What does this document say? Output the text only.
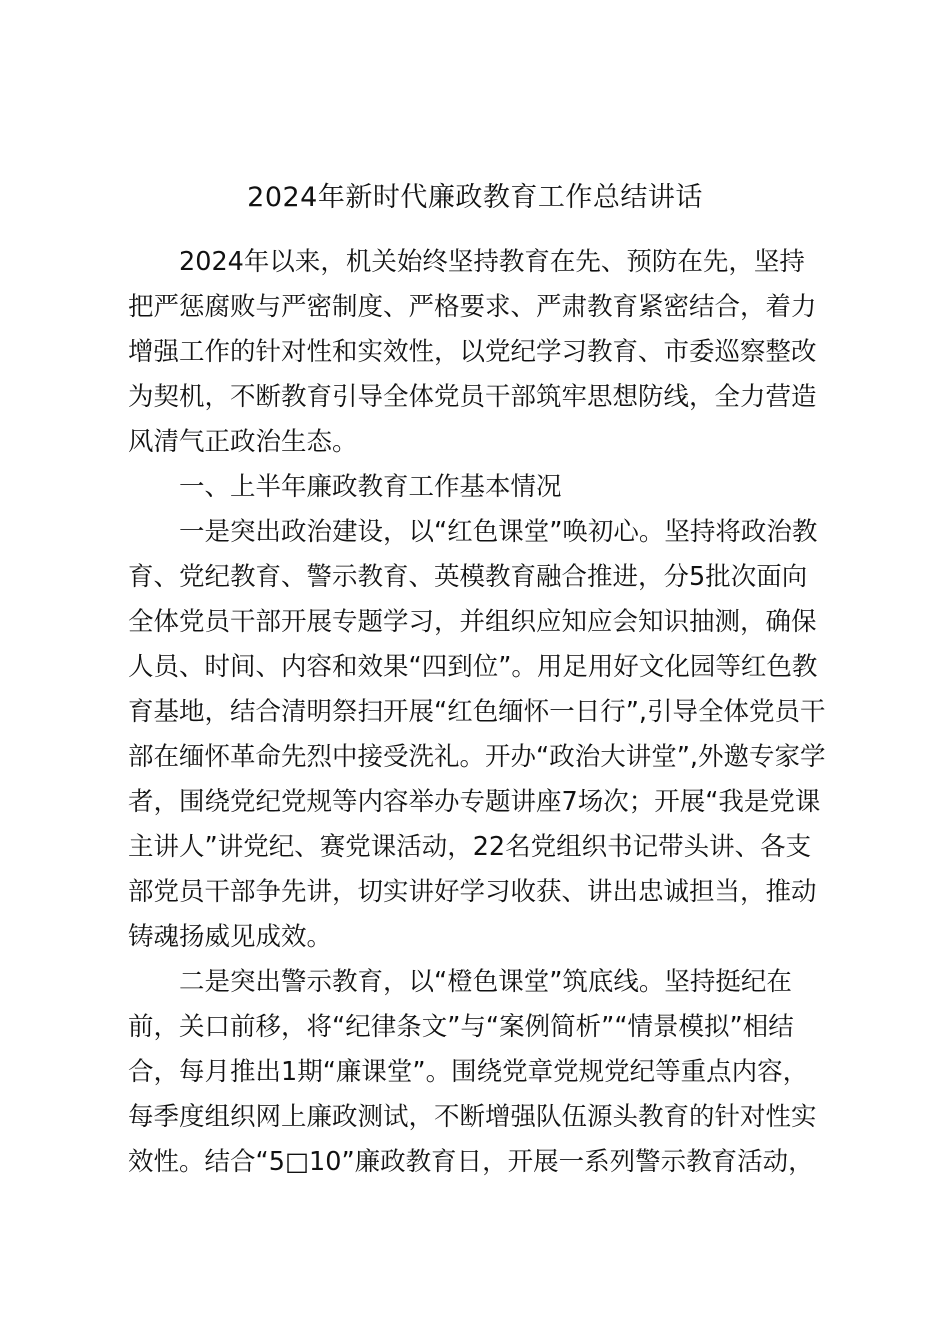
2024年新时代廉政教育工作总结讲话

2024年以来，机关始终坚持教育在先、预防在先，坚持
把严惩腐败与严密制度、严格要求、严肃教育紧密结合，着力
增强工作的针对性和实效性，以党纪学习教育、市委巡察整改
为契机，不断教育引导全体党员干部筑牢思想防线，全力营造
风清气正政治生态。

一、上半年廉政教育工作基本情况

一是突出政治建设，以“红色课堂”唤初心。坚持将政治教
育、党纪教育、警示教育、英模教育融合推进，分5批次面向
全体党员干部开展专题学习，并组织应知应会知识抽测，确保
人员、时间、内容和效果“四到位”。用足用好文化园等红色教
育基地，结合清明祭扫开展“红色缅怀一日行”,引导全体党员干
部在缅怀革命先烈中接受洗礼。开办“政治大讲堂”,外邀专家学
者，围绕党纪党规等内容举办专题讲座7场次；开展“我是党课
主讲人”讲党纪、赛党课活动，22名党组织书记带头讲、各支
部党员干部争先讲，切实讲好学习收获、讲出忠诚担当，推动
铸魂扬威见成效。

二是突出警示教育，以“橙色课堂”筑底线。坚持挺纪在
前，关口前移，将“纪律条文”与“案例简析”“情景模拟”相结
合，每月推出1期“廉课堂”。围绕党章党规党纪等重点内容，
每季度组织网上廉政测试，不断增强队伍源头教育的针对性实
效性。结合“5□10”廉政教育日，开展一系列警示教育活动，
